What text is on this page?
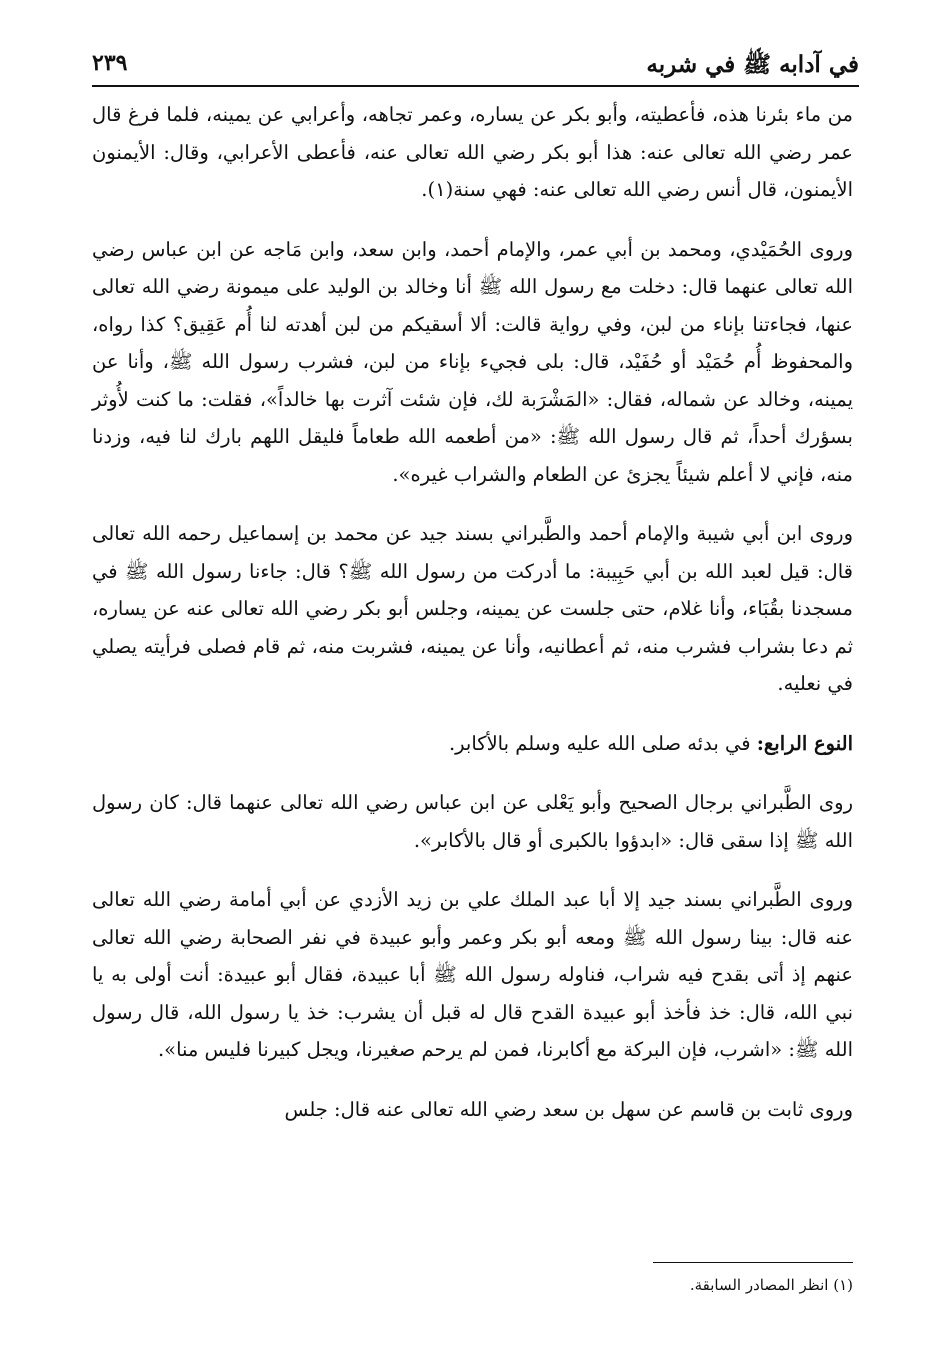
في آدابه ﷺ في شربه
٢٣٩

من ماء بئرنا هذه، فأعطيته، وأبو بكر عن يساره، وعمر تجاهه، وأعرابي عن يمينه، فلما فرغ قال عمر رضي الله تعالى عنه: هذا أبو بكر رضي الله تعالى عنه، فأعطى الأعرابي، وقال: الأيمنون الأيمنون، قال أنس رضي الله تعالى عنه: فهي سنة(١).

وروى الحُمَيْدي، ومحمد بن أبي عمر، والإمام أحمد، وابن سعد، وابن مَاجه عن ابن عباس رضي الله تعالى عنهما قال: دخلت مع رسول الله ﷺ أنا وخالد بن الوليد على ميمونة رضي الله تعالى عنها، فجاءتنا بإناء من لبن، وفي رواية قالت: ألا أسقيكم من لبن أهدته لنا أُم عَقِيق؟ كذا رواه، والمحفوظ أُم حُمَيْد أو حُفَيْد، قال: بلى فجيء بإناء من لبن، فشرب رسول الله ﷺ، وأنا عن يمينه، وخالد عن شماله، فقال: «المَشْرَبة لك، فإن شئت آثرت بها خالداً»، فقلت: ما كنت لأُوثر بسؤرك أحداً، ثم قال رسول الله ﷺ: «من أطعمه الله طعاماً فليقل اللهم بارك لنا فيه، وزدنا منه، فإني لا أعلم شيئاً يجزئ عن الطعام والشراب غيره».

وروى ابن أبي شيبة والإمام أحمد والطَّبراني بسند جيد عن محمد بن إسماعيل رحمه الله تعالى قال: قيل لعبد الله بن أبي حَبِيبة: ما أدركت من رسول الله ﷺ؟ قال: جاءنا رسول الله ﷺ في مسجدنا بقُبَاء، وأنا غلام، حتى جلست عن يمينه، وجلس أبو بكر رضي الله تعالى عنه عن يساره، ثم دعا بشراب فشرب منه، ثم أعطانيه، وأنا عن يمينه، فشربت منه، ثم قام فصلى فرأيته يصلي في نعليه.

النوع الرابع: في بدئه صلى الله عليه وسلم بالأكابر.

روى الطَّبراني برجال الصحيح وأبو يَعْلى عن ابن عباس رضي الله تعالى عنهما قال: كان رسول الله ﷺ إذا سقى قال: «ابدؤوا بالكبرى أو قال بالأكابر».

وروى الطَّبراني بسند جيد إلا أبا عبد الملك علي بن زيد الأزدي عن أبي أمامة رضي الله تعالى عنه قال: بينا رسول الله ﷺ ومعه أبو بكر وعمر وأبو عبيدة في نفر الصحابة رضي الله تعالى عنهم إذ أتى بقدح فيه شراب، فناوله رسول الله ﷺ أبا عبيدة، فقال أبو عبيدة: أنت أولى به يا نبي الله، قال: خذ فأخذ أبو عبيدة القدح قال له قبل أن يشرب: خذ يا رسول الله، قال رسول الله ﷺ: «اشرب، فإن البركة مع أكابرنا، فمن لم يرحم صغيرنا، ويجل كبيرنا فليس منا».

وروى ثابت بن قاسم عن سهل بن سعد رضي الله تعالى عنه قال: جلس

(١) انظر المصادر السابقة.
